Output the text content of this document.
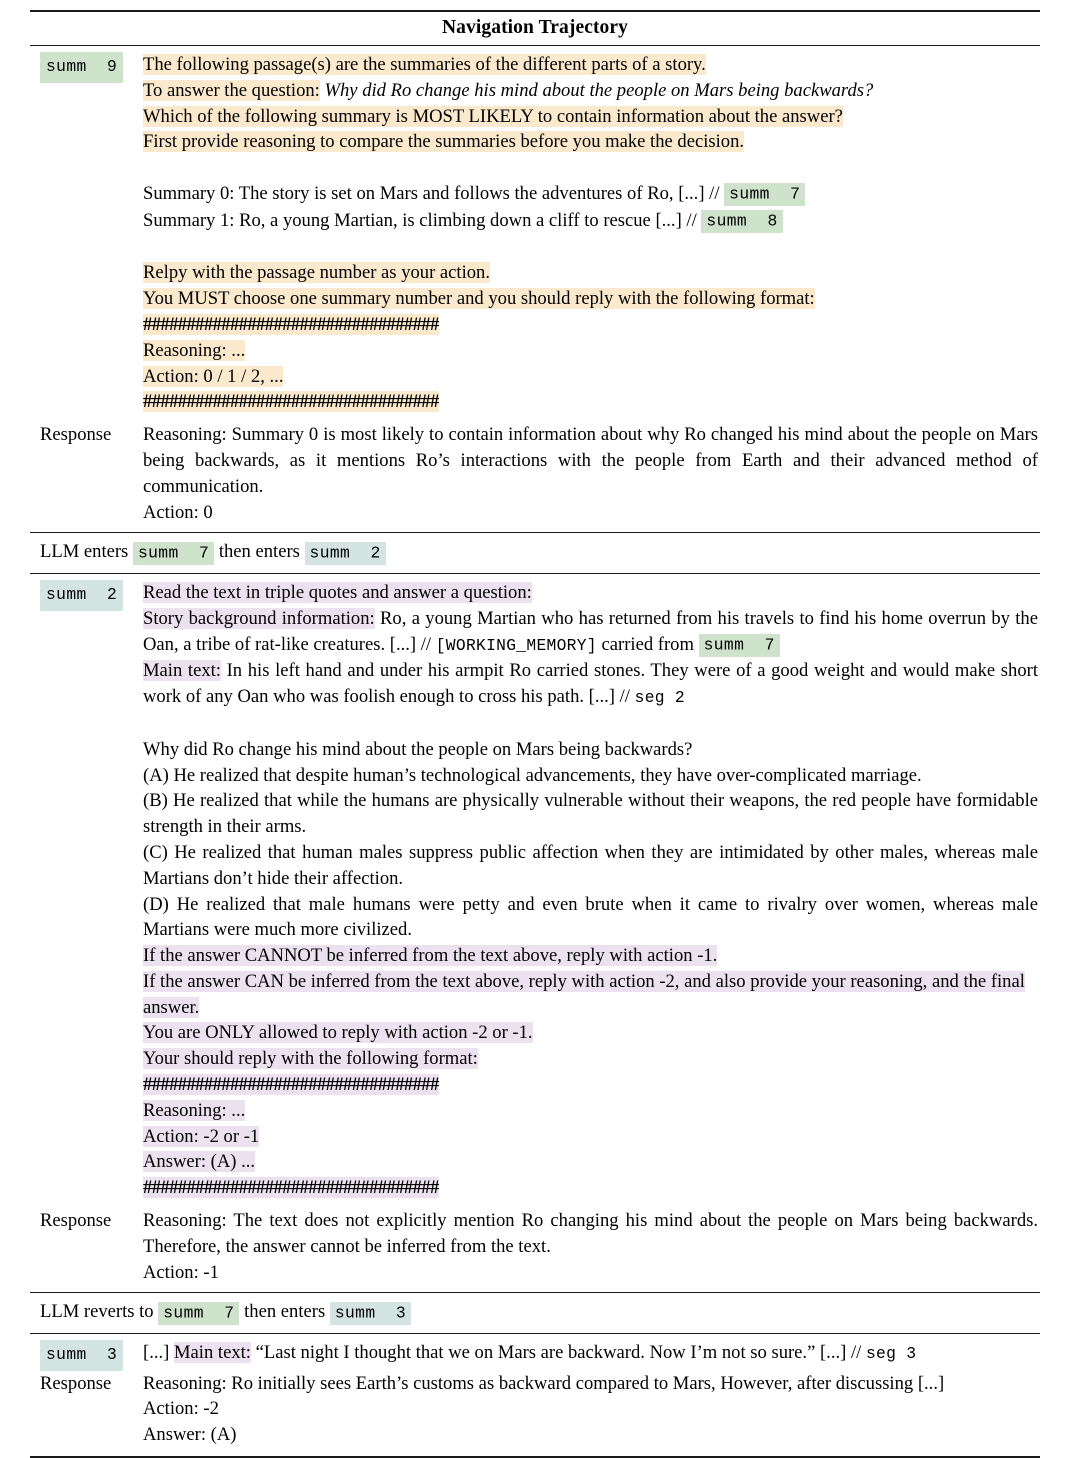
Navigation Trajectory
summ  9	The following passage(s) are the summaries of the different parts of a story.

To answer the question: Why did Ro change his mind about the people on Mars being backwards?

Which of the following summary is MOST LIKELY to contain information about the answer?

First provide reasoning to compare the summaries before you make the decision.

Summary 0: The story is set on Mars and follows the adventures of Ro, [...] // summ  7

Summary 1: Ro, a young Martian, is climbing down a cliff to rescue [...] // summ  8

Relpy with the passage number as your action.

You MUST choose one summary number and you should reply with the following format:

##################################

Reasoning: ...

Action: 0 / 1 / 2, ...

##################################

Response	Reasoning: Summary 0 is most likely to contain information about why Ro changed his mind about the people on Mars being backwards, as it mentions Ro’s interactions with the people from Earth and their advanced method of communication.

Action: 0

LLM enters summ  7 then enters summ  2
summ  2	Read the text in triple quotes and answer a question:

Story background information: Ro, a young Martian who has returned from his travels to find his home overrun by the Oan, a tribe of rat-like creatures. [...] // [WORKING_MEMORY] carried from summ  7

Main text: In his left hand and under his armpit Ro carried stones. They were of a good weight and would make short work of any Oan who was foolish enough to cross his path. [...] // seg 2

Why did Ro change his mind about the people on Mars being backwards?

(A) He realized that despite human’s technological advancements, they have over-complicated marriage.

(B) He realized that while the humans are physically vulnerable without their weapons, the red people have formidable strength in their arms.

(C) He realized that human males suppress public affection when they are intimidated by other males, whereas male Martians don’t hide their affection.

(D) He realized that male humans were petty and even brute when it came to rivalry over women, whereas male Martians were much more civilized.

If the answer CANNOT be inferred from the text above, reply with action -1.

If the answer CAN be inferred from the text above, reply with action -2, and also provide your reasoning, and the final answer.

You are ONLY allowed to reply with action -2 or -1.

Your should reply with the following format:

##################################

Reasoning: ...

Action: -2 or -1

Answer: (A) ...

##################################

Response	Reasoning: The text does not explicitly mention Ro changing his mind about the people on Mars being backwards. Therefore, the answer cannot be inferred from the text.

Action: -1

LLM reverts to summ  7 then enters summ  3
summ  3	[...] Main text: “Last night I thought that we on Mars are backward. Now I’m not so sure.” [...] // seg 3

Response	Reasoning: Ro initially sees Earth’s customs as backward compared to Mars, However, after discussing [...]

Action: -2

Answer: (A)
